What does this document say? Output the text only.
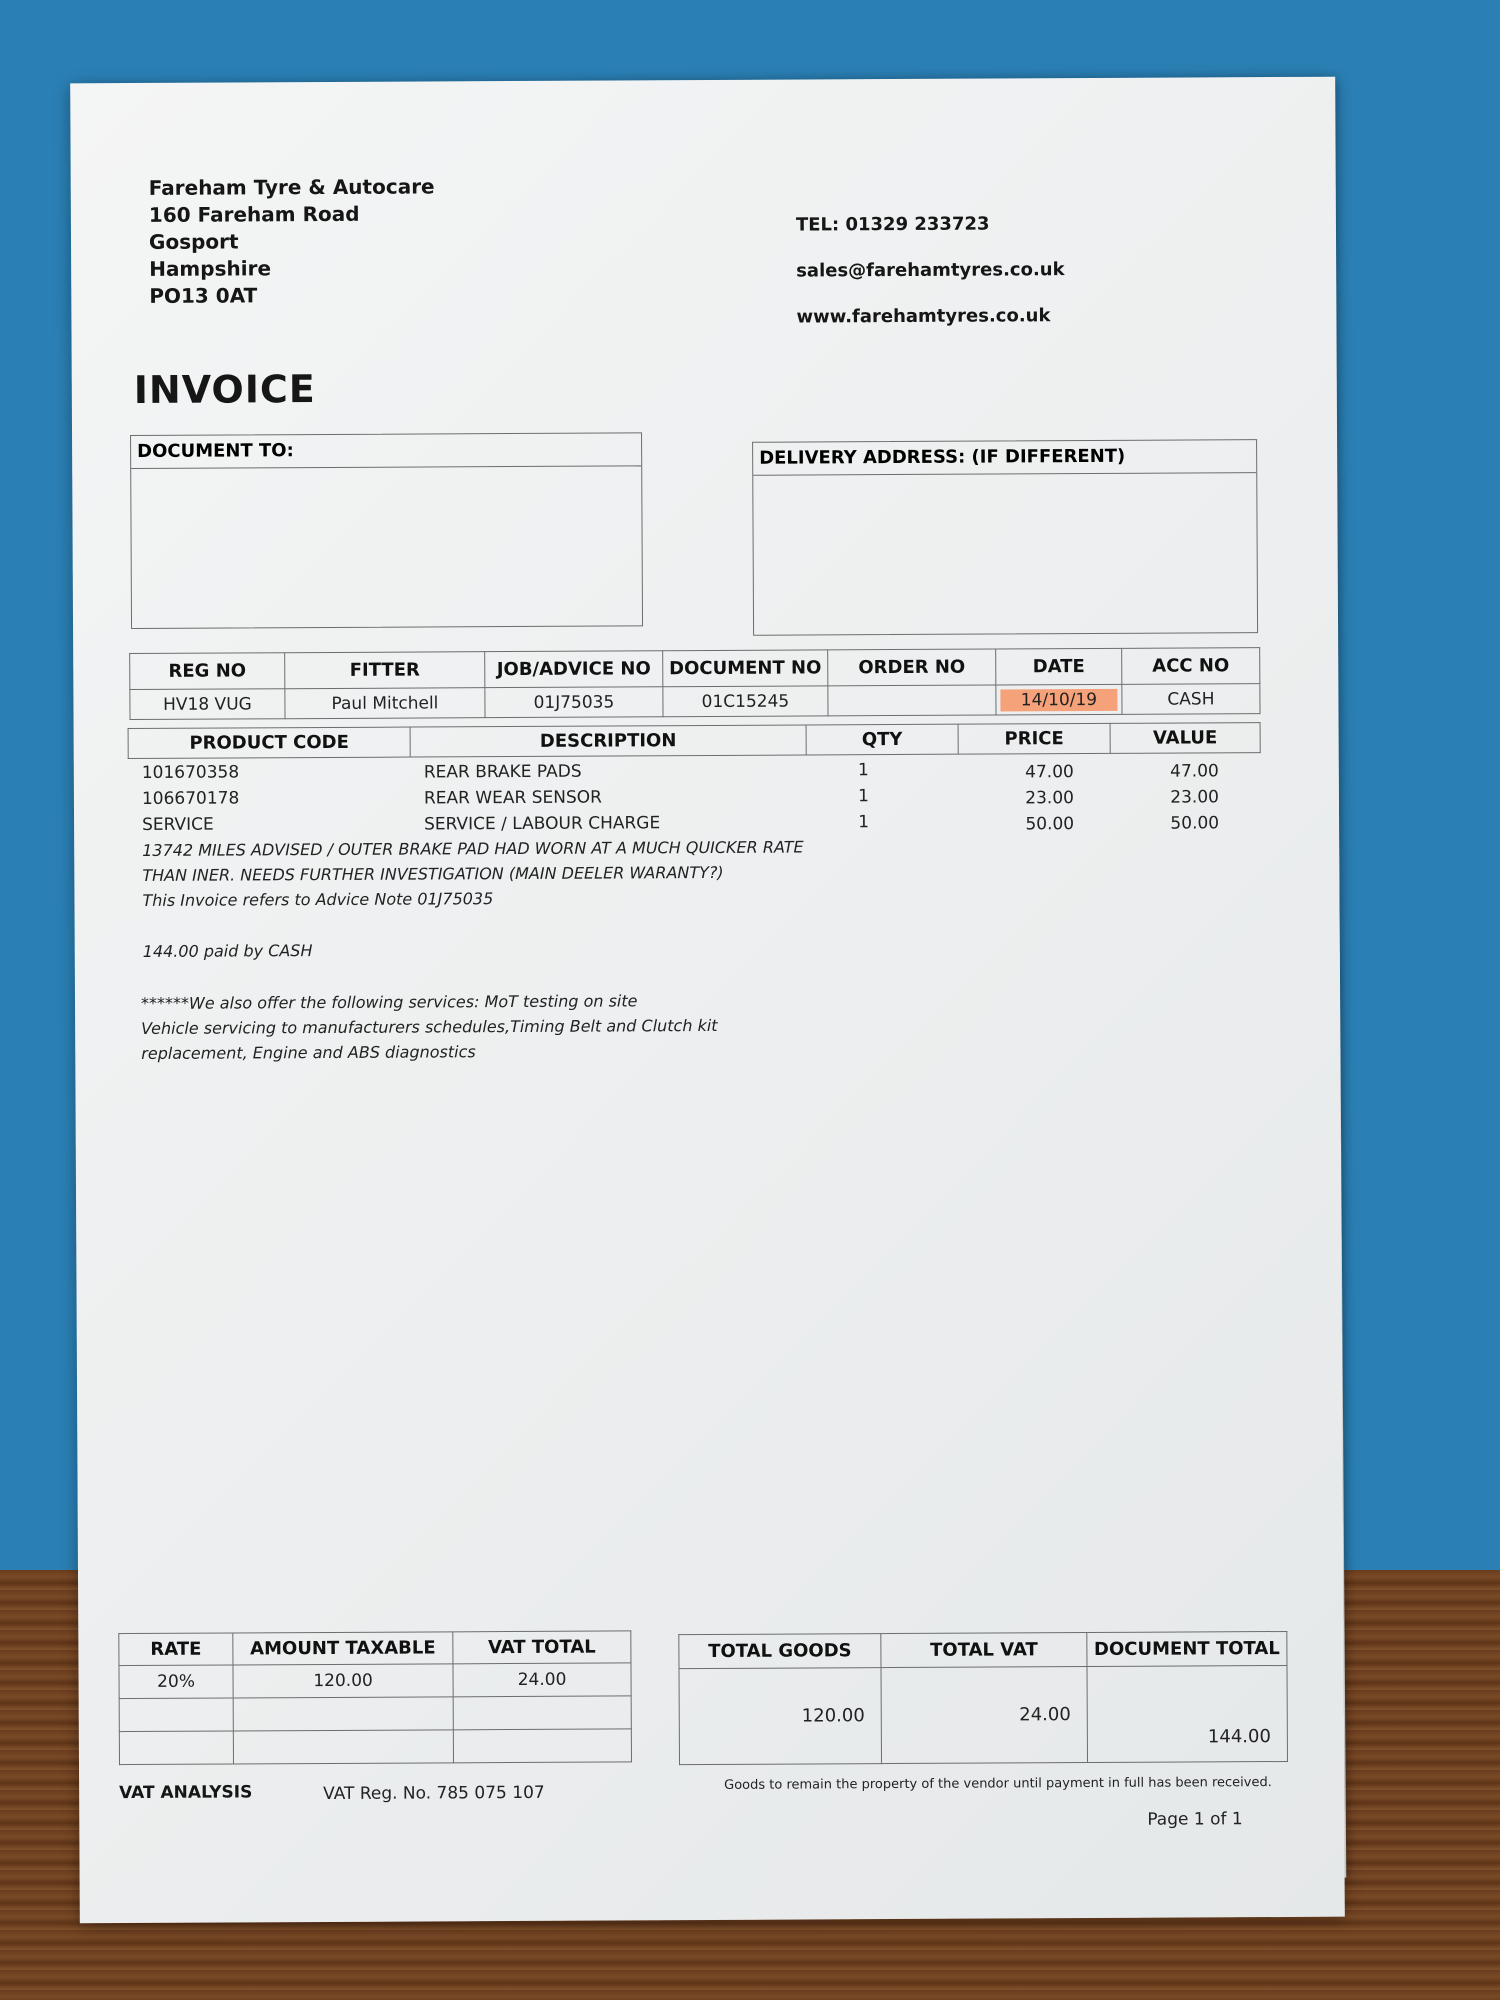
Fareham Tyre & Autocare
160 Fareham Road
Gosport
Hampshire
PO13 0AT
TEL: 01329 233723
sales@farehamtyres.co.uk
www.farehamtyres.co.uk
INVOICE
DOCUMENT TO:	DELIVERY ADDRESS: (IF DIFFERENT)
REG NO	FITTER	JOB/ADVICE NO	DOCUMENT NO	ORDER NO	DATE	ACC NO
HV18 VUG	Paul Mitchell	01J75035	01C15245		14/10/19	CASH
PRODUCT CODE	DESCRIPTION	QTY	PRICE	VALUE
101670358	REAR BRAKE PADS	1	47.00	47.00
106670178	REAR WEAR SENSOR	1	23.00	23.00
SERVICE	SERVICE / LABOUR CHARGE	1	50.00	50.00
13742 MILES ADVISED / OUTER BRAKE PAD HAD WORN AT A MUCH QUICKER RATE
THAN INER. NEEDS FURTHER INVESTIGATION (MAIN DEELER WARANTY?)
This Invoice refers to Advice Note 01J75035
144.00 paid by CASH
******We also offer the following services: MoT testing on site
Vehicle servicing to manufacturers schedules,Timing Belt and Clutch kit
replacement, Engine and ABS diagnostics
RATE	AMOUNT TAXABLE	VAT TOTAL
20%	120.00	24.00

TOTAL GOODS	TOTAL VAT	DOCUMENT TOTAL
120.00	24.00	144.00
VAT ANALYSIS	VAT Reg. No. 785 075 107	Goods to remain the property of the vendor until payment in full has been received.
Page 1 of 1
